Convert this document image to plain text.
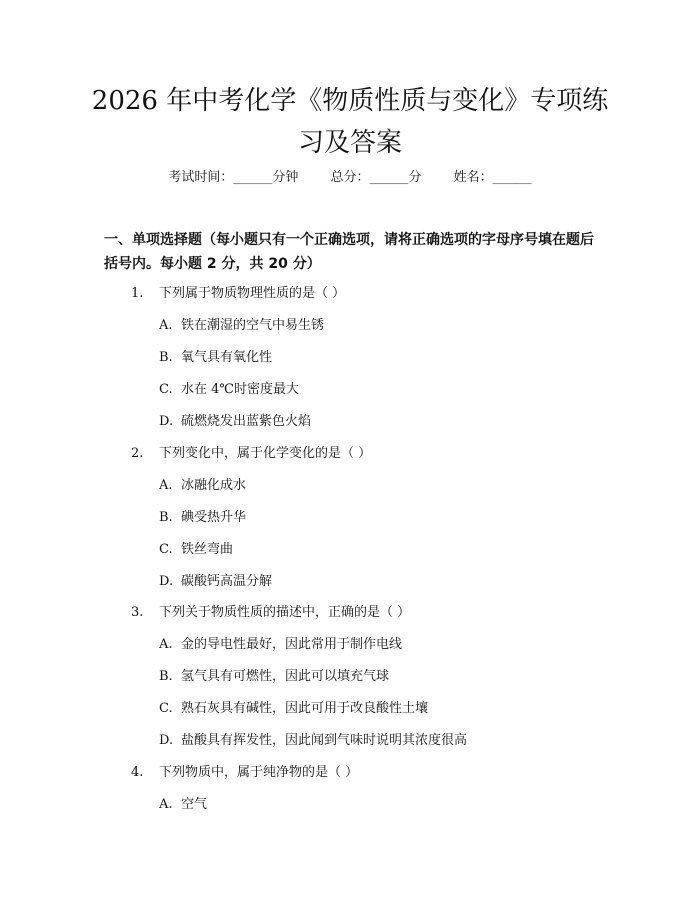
2026 年中考化学《物质性质与变化》专项练
习及答案
考试时间：______分钟 总分：______分 姓名：______

一、单项选择题（每小题只有一个正确选项，请将正确选项的字母序号填在题后括号内。每小题 2 分，共 20 分）

1. 下列属于物质物理性质的是（ ）
A. 铁在潮湿的空气中易生锈
B. 氧气具有氧化性
C. 水在 4℃时密度最大
D. 硫燃烧发出蓝紫色火焰
2. 下列变化中，属于化学变化的是（ ）
A. 冰融化成水
B. 碘受热升华
C. 铁丝弯曲
D. 碳酸钙高温分解
3. 下列关于物质性质的描述中，正确的是（ ）
A. 金的导电性最好，因此常用于制作电线
B. 氢气具有可燃性，因此可以填充气球
C. 熟石灰具有碱性，因此可用于改良酸性土壤
D. 盐酸具有挥发性，因此闻到气味时说明其浓度很高
4. 下列物质中，属于纯净物的是（ ）
A. 空气
